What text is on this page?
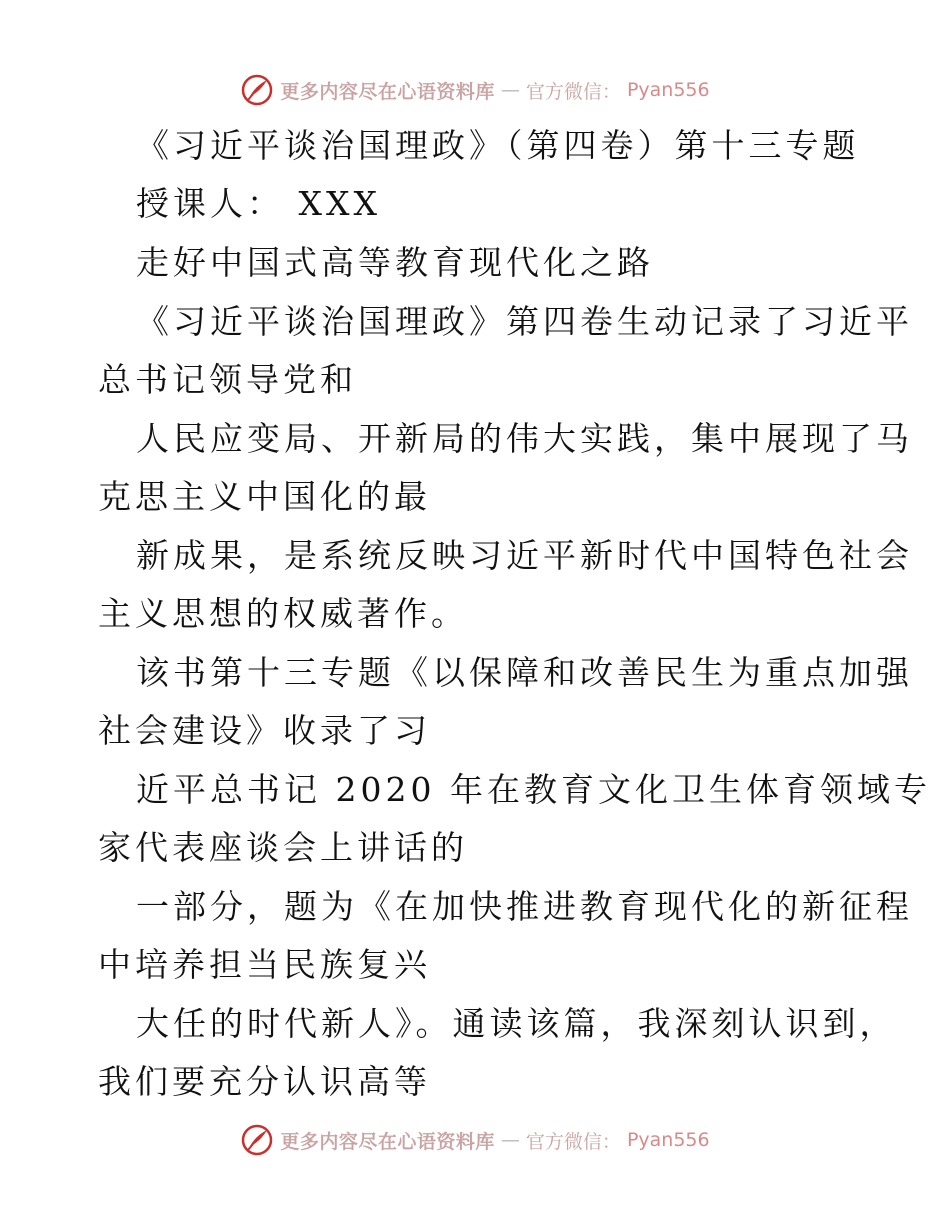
更多内容尽在心语资料库 — 官方微信： Pyan556
《习近平谈治国理政》（第四卷）第十三专题
授课人： XXX
走好中国式高等教育现代化之路
《习近平谈治国理政》第四卷生动记录了习近平
总书记领导党和
人民应变局、开新局的伟大实践，集中展现了马
克思主义中国化的最
新成果，是系统反映习近平新时代中国特色社会
主义思想的权威著作。
该书第十三专题《以保障和改善民生为重点加强
社会建设》收录了习
近平总书记 2020 年在教育文化卫生体育领域专
家代表座谈会上讲话的
一部分，题为《在加快推进教育现代化的新征程
中培养担当民族复兴
大任的时代新人》。通读该篇，我深刻认识到，
我们要充分认识高等
更多内容尽在心语资料库 — 官方微信： Pyan556
